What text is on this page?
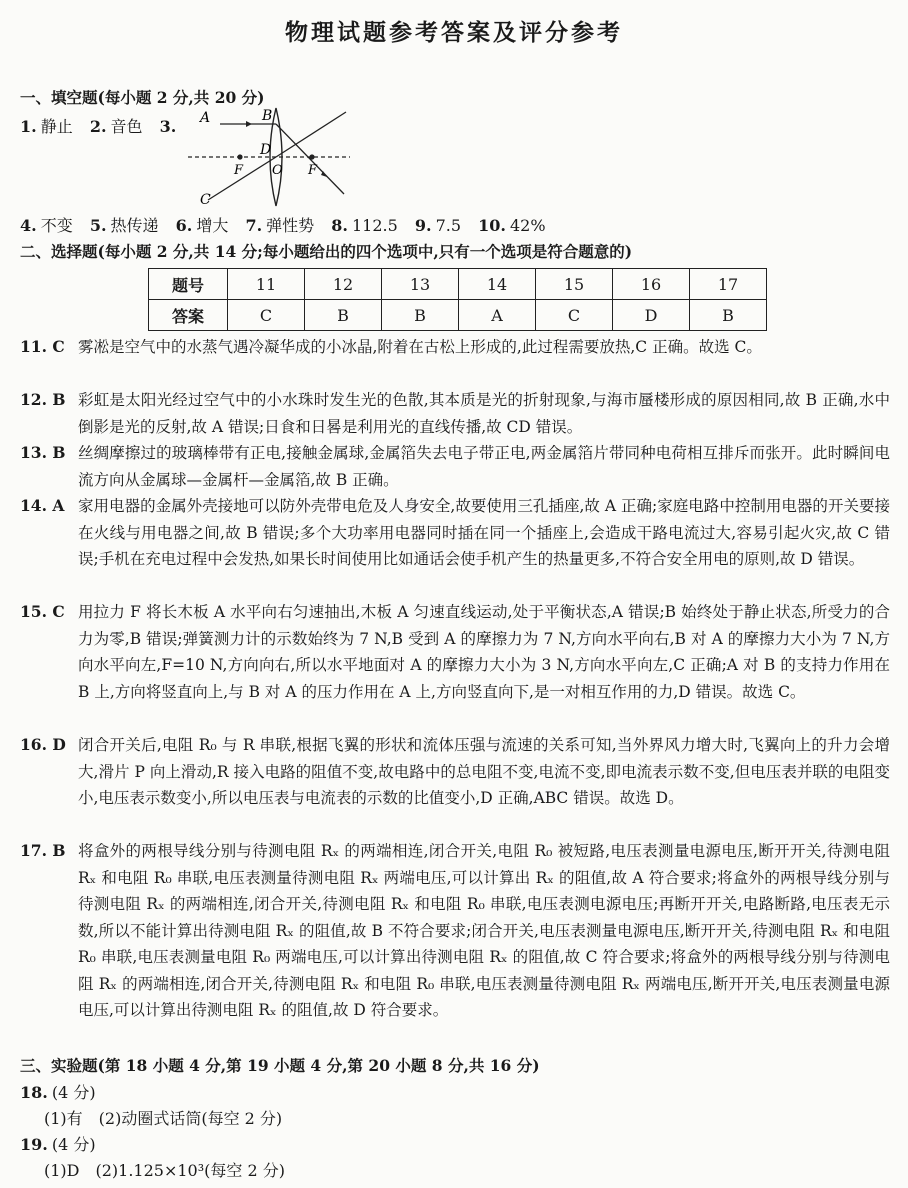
物理试题参考答案及评分参考
一、填空题(每小题 2 分,共 20 分)
1. 静止 2. 音色 3. A	B
D
F	F
O
C
4. 不变 5. 热传递 6. 增大 7. 弹性势 8. 112.5 9. 7.5 10. 42%
二、选择题(每小题 2 分,共 14 分;每小题给出的四个选项中,只有一个选项是符合题意的)
题号	11	12	13	14	15	16	17
答案	C	B	B	A	C	D	B
11. C 雾凇是空气中的水蒸气遇冷凝华成的小冰晶,附着在古松上形成的,此过程需要放热,C 正确。故选 C。
12. B 彩虹是太阳光经过空气中的小水珠时发生光的色散,其本质是光的折射现象,与海市蜃楼形成的原因相同,故 B 正确,水中倒影是光的反射,故 A 错误;日食和日晷是利用光的直线传播,故 CD 错误。
13. B 丝绸摩擦过的玻璃棒带有正电,接触金属球,金属箔失去电子带正电,两金属箔片带同种电荷相互排斥而张开。此时瞬间电流方向从金属球—金属杆—金属箔,故 B 正确。
14. A 家用电器的金属外壳接地可以防外壳带电危及人身安全,故要使用三孔插座,故 A 正确;家庭电路中控制用电器的开关要接在火线与用电器之间,故 B 错误;多个大功率用电器同时插在同一个插座上,会造成干路电流过大,容易引起火灾,故 C 错误;手机在充电过程中会发热,如果长时间使用比如通话会使手机产生的热量更多,不符合安全用电的原则,故 D 错误。
15. C 用拉力 F 将长木板 A 水平向右匀速抽出,木板 A 匀速直线运动,处于平衡状态,A 错误;B 始终处于静止状态,所受力的合力为零,B 错误;弹簧测力计的示数始终为 7 N,B 受到 A 的摩擦力为 7 N,方向水平向右,B 对 A 的摩擦力大小为 7 N,方向水平向左,F=10 N,方向向右,所以水平地面对 A 的摩擦力大小为 3 N,方向水平向左,C 正确;A 对 B 的支持力作用在 B 上,方向将竖直向上,与 B 对 A 的压力作用在 A 上,方向竖直向下,是一对相互作用的力,D 错误。故选 C。
16. D 闭合开关后,电阻 R₀ 与 R 串联,根据飞翼的形状和流体压强与流速的关系可知,当外界风力增大时,飞翼向上的升力会增大,滑片 P 向上滑动,R 接入电路的阻值不变,故电路中的总电阻不变,电流不变,即电流表示数不变,但电压表并联的电阻变小,电压表示数变小,所以电压表与电流表的示数的比值变小,D 正确,ABC 错误。故选 D。
17. B 将盒外的两根导线分别与待测电阻 Rₓ 的两端相连,闭合开关,电阻 R₀ 被短路,电压表测量电源电压,断开开关,待测电阻 Rₓ 和电阻 R₀ 串联,电压表测量待测电阻 Rₓ 两端电压,可以计算出 Rₓ 的阻值,故 A 符合要求;将盒外的两根导线分别与待测电阻 Rₓ 的两端相连,闭合开关,待测电阻 Rₓ 和电阻 R₀ 串联,电压表测电源电压;再断开开关,电路断路,电压表无示数,所以不能计算出待测电阻 Rₓ 的阻值,故 B 不符合要求;闭合开关,电压表测量电源电压,断开开关,待测电阻 Rₓ 和电阻 R₀ 串联,电压表测量电阻 R₀ 两端电压,可以计算出待测电阻 Rₓ 的阻值,故 C 符合要求;将盒外的两根导线分别与待测电阻 Rₓ 的两端相连,闭合开关,待测电阻 Rₓ 和电阻 R₀ 串联,电压表测量待测电阻 Rₓ 两端电压,断开开关,电压表测量电源电压,可以计算出待测电阻 Rₓ 的阻值,故 D 符合要求。
三、实验题(第 18 小题 4 分,第 19 小题 4 分,第 20 小题 8 分,共 16 分)
18. (4 分)
(1)有　(2)动圈式话筒(每空 2 分)
19. (4 分)
(1)D　(2)1.125×10³(每空 2 分)
